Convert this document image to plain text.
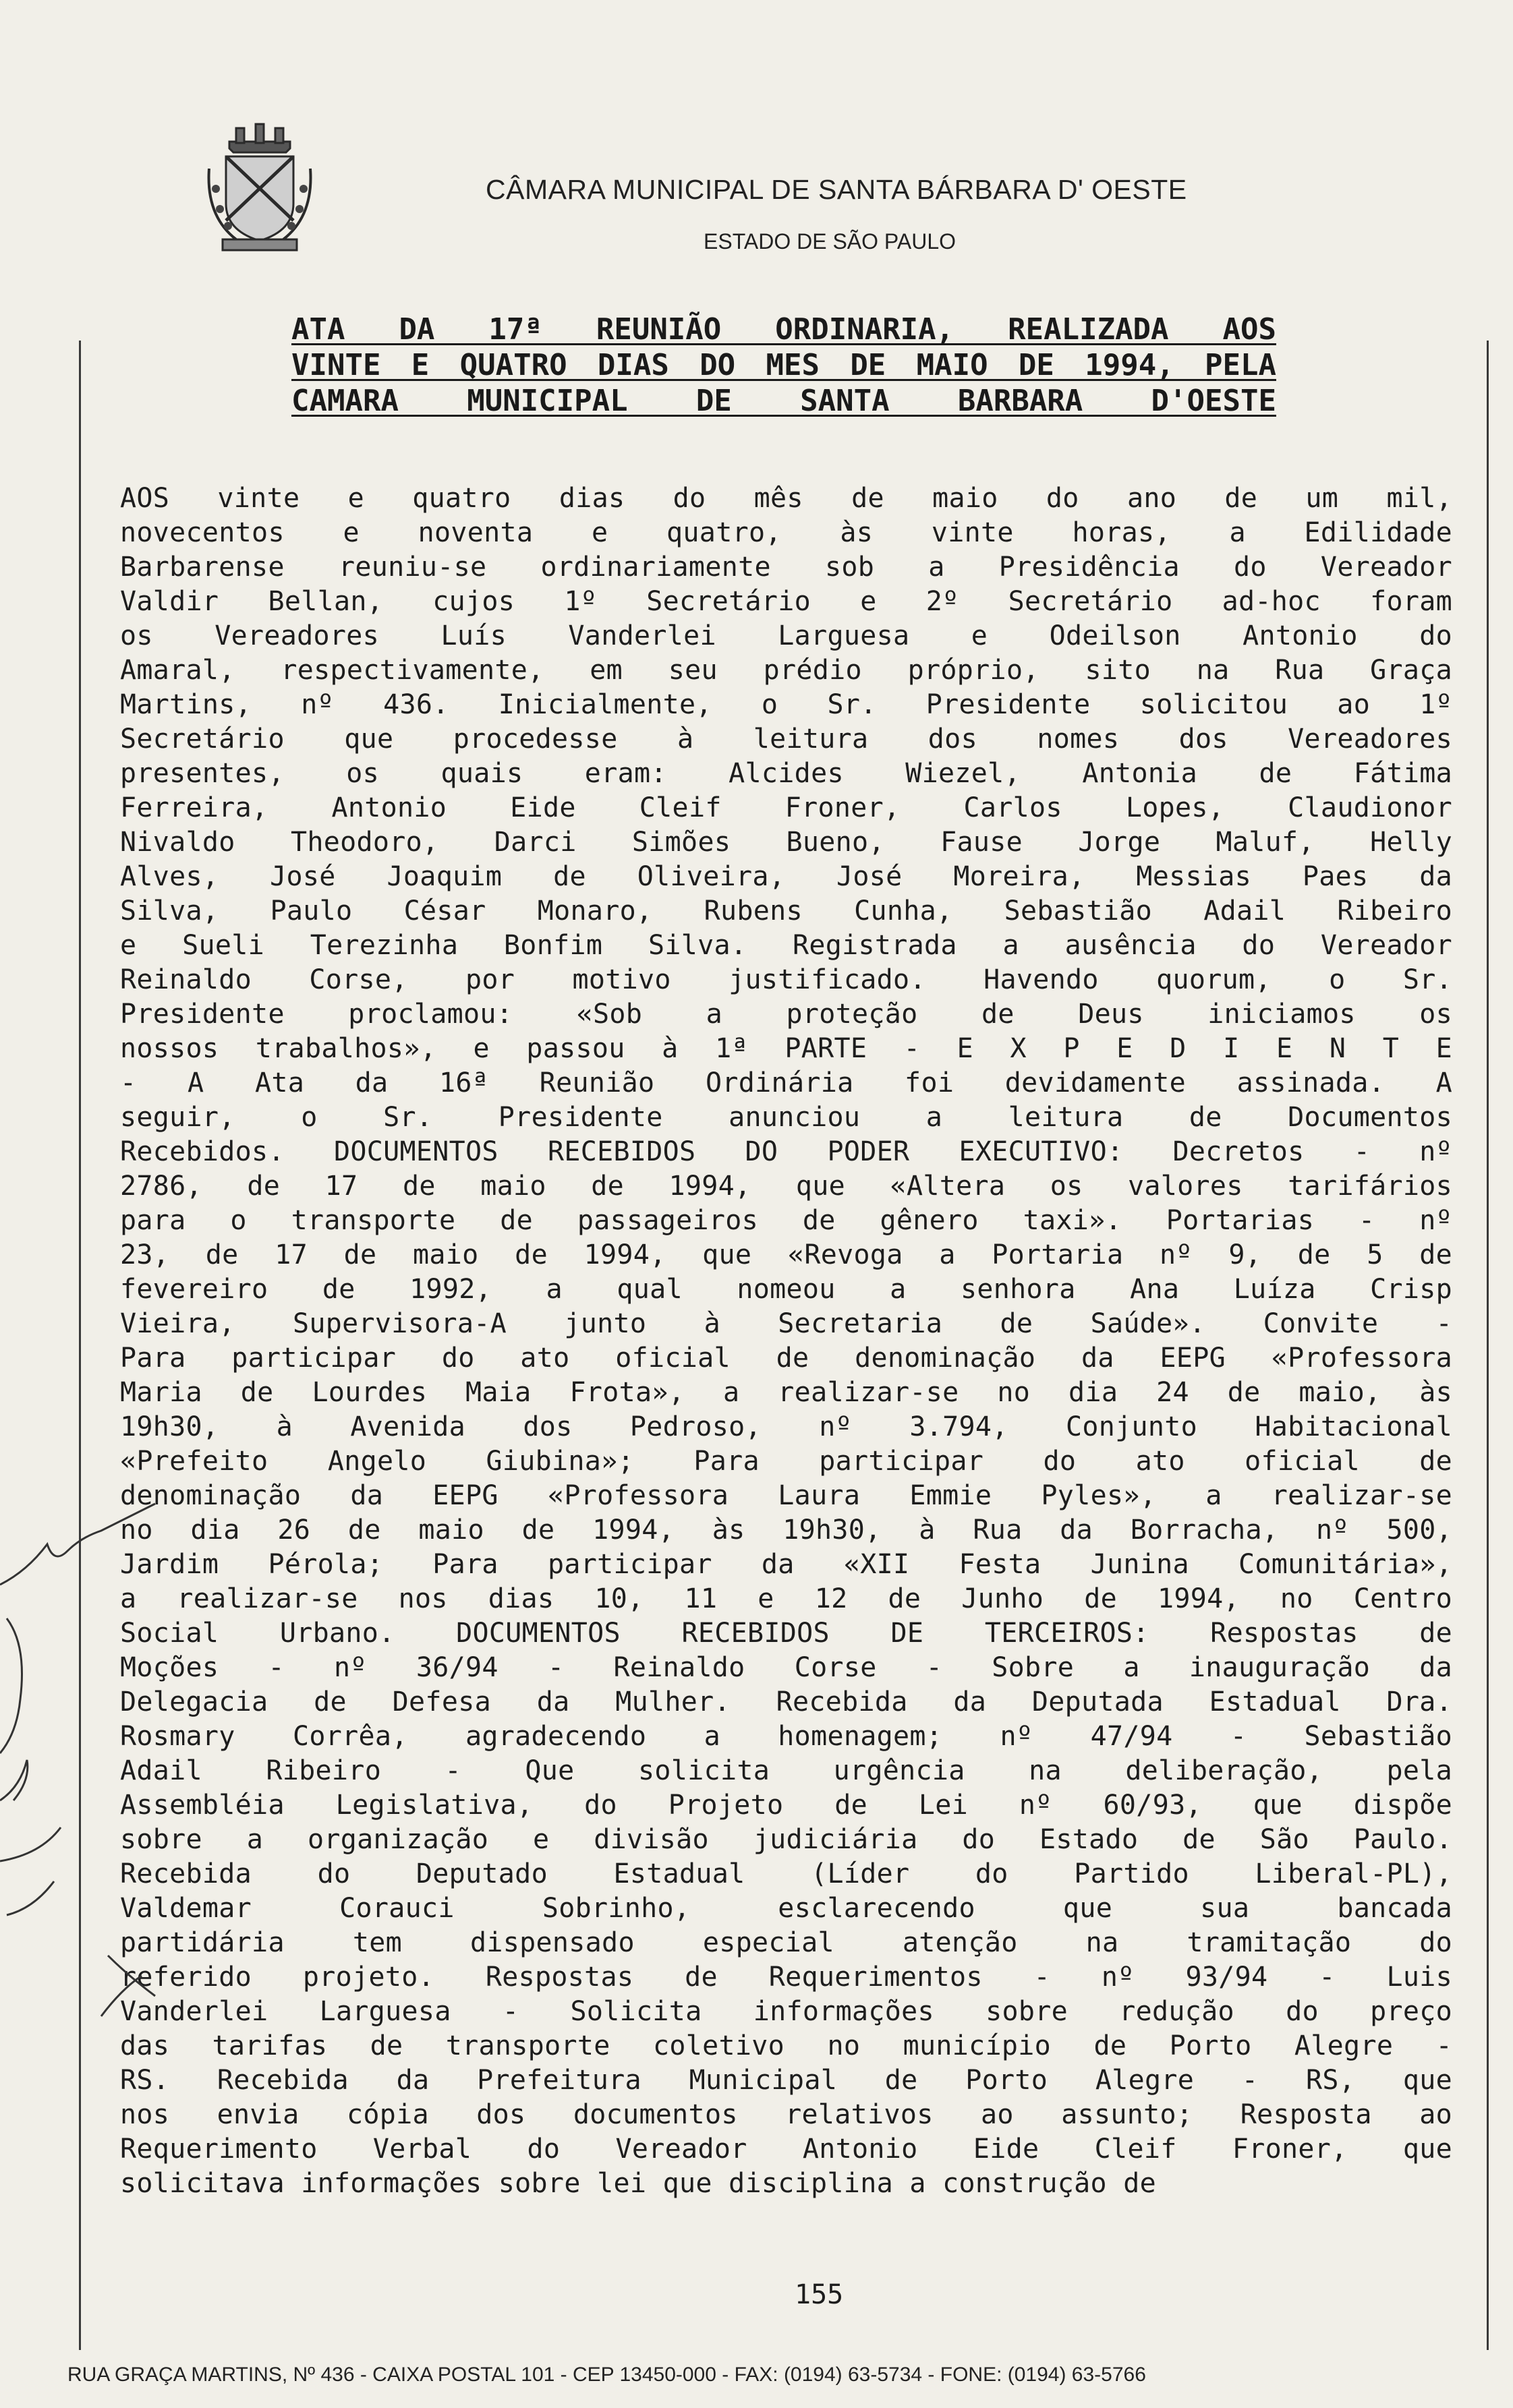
CÂMARA MUNICIPAL DE SANTA BÁRBARA D' OESTE
ESTADO DE SÃO PAULO
ATA DA 17ª REUNIÃO ORDINARIA, REALIZADA AOS
VINTE E QUATRO DIAS DO MES DE MAIO DE 1994, PELA
CAMARA MUNICIPAL DE SANTA BARBARA D'OESTE
AOS vinte e quatro dias do mês de maio do ano de um mil,
novecentos e noventa e quatro, às vinte horas, a Edilidade
Barbarense reuniu-se ordinariamente sob a Presidência do Vereador
Valdir Bellan, cujos 1º Secretário e 2º Secretário ad-hoc foram
os Vereadores Luís Vanderlei Larguesa e Odeilson Antonio do
Amaral, respectivamente, em seu prédio próprio, sito na Rua Graça
Martins, nº 436. Inicialmente, o Sr. Presidente solicitou ao 1º
Secretário que procedesse à leitura dos nomes dos Vereadores
presentes, os quais eram: Alcides Wiezel, Antonia de Fátima
Ferreira, Antonio Eide Cleif Froner, Carlos Lopes, Claudionor
Nivaldo Theodoro, Darci Simões Bueno, Fause Jorge Maluf, Helly
Alves, José Joaquim de Oliveira, José Moreira, Messias Paes da
Silva, Paulo César Monaro, Rubens Cunha, Sebastião Adail Ribeiro
e Sueli Terezinha Bonfim Silva. Registrada a ausência do Vereador
Reinaldo Corse, por motivo justificado. Havendo quorum, o Sr.
Presidente proclamou: «Sob a proteção de Deus iniciamos os
nossos trabalhos», e passou à 1ª PARTE - E X P E D I E N T E
- A Ata da 16ª Reunião Ordinária foi devidamente assinada. A
seguir, o Sr. Presidente anunciou a leitura de Documentos
Recebidos. DOCUMENTOS RECEBIDOS DO PODER EXECUTIVO: Decretos - nº
2786, de 17 de maio de 1994, que «Altera os valores tarifários
para o transporte de passageiros de gênero taxi». Portarias - nº
23, de 17 de maio de 1994, que «Revoga a Portaria nº 9, de 5 de
fevereiro de 1992, a qual nomeou a senhora Ana Luíza Crisp
Vieira, Supervisora-A junto à Secretaria de Saúde». Convite -
Para participar do ato oficial de denominação da EEPG «Professora
Maria de Lourdes Maia Frota», a realizar-se no dia 24 de maio, às
19h30, à Avenida dos Pedroso, nº 3.794, Conjunto Habitacional
«Prefeito Angelo Giubina»; Para participar do ato oficial de
denominação da EEPG «Professora Laura Emmie Pyles», a realizar-se
no dia 26 de maio de 1994, às 19h30, à Rua da Borracha, nº 500,
Jardim Pérola; Para participar da «XII Festa Junina Comunitária»,
a realizar-se nos dias 10, 11 e 12 de Junho de 1994, no Centro
Social Urbano. DOCUMENTOS RECEBIDOS DE TERCEIROS: Respostas de
Moções - nº 36/94 - Reinaldo Corse - Sobre a inauguração da
Delegacia de Defesa da Mulher. Recebida da Deputada Estadual Dra.
Rosmary Corrêa, agradecendo a homenagem; nº 47/94 - Sebastião
Adail Ribeiro - Que solicita urgência na deliberação, pela
Assembléia Legislativa, do Projeto de Lei nº 60/93, que dispõe
sobre a organização e divisão judiciária do Estado de São Paulo.
Recebida do Deputado Estadual (Líder do Partido Liberal-PL),
Valdemar Corauci Sobrinho, esclarecendo que sua bancada
partidária tem dispensado especial atenção na tramitação do
referido projeto. Respostas de Requerimentos - nº 93/94 - Luis
Vanderlei Larguesa - Solicita informações sobre redução do preço
das tarifas de transporte coletivo no município de Porto Alegre -
RS. Recebida da Prefeitura Municipal de Porto Alegre - RS, que
nos envia cópia dos documentos relativos ao assunto; Resposta ao
Requerimento Verbal do Vereador Antonio Eide Cleif Froner, que
solicitava informações sobre lei que disciplina a construção de
155
RUA GRAÇA MARTINS, Nº 436 - CAIXA POSTAL 101 - CEP 13450-000 - FAX: (0194) 63-5734 - FONE: (0194) 63-5766
